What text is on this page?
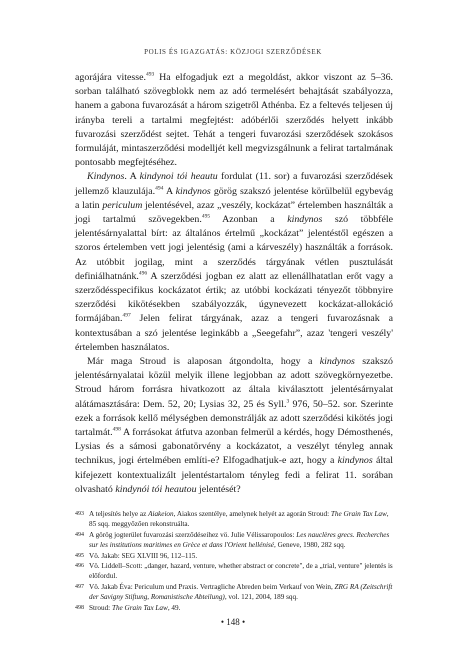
POLIS ÉS IGAZGATÁS: KÖZJOGI SZERZŐDÉSEK

agorájára vitesse.$^{493}$ Ha elfogadjuk ezt a megoldást, akkor viszont az 5–36. sorban található szövegblokk nem az adó termelésért behajtását szabályozza, hanem a gabona fuvarozását a három szigetről Athénba. Ez a feltevés teljesen új irányba tereli a tartalmi megfejtést: adóbérlői szerződés helyett inkább fuvarozási szerződést sejtet. Tehát a tengeri fuvarozási szerződések szokásos formuláját, mintaszerződési modelljét kell megvizsgálnunk a felirat tartalmának pontosabb megfejtéséhez.

Kindynos. A kindynoi tói heautu fordulat (11. sor) a fuvarozási szerződések jellemző klauzulája.$^{494}$ A kindynos görög szakszó jelentése körülbelül egybevág a latin periculum jelentésével, azaz „veszély, kockázat” értelemben használták a jogi tartalmú szövegekben.$^{495}$ Azonban a kindynos szó többféle jelentésárnyalattal bírt: az általános értelmű „kockázat” jelentéstől egészen a szoros értelemben vett jogi jelentésig (ami a kárveszély) használták a források. Az utóbbit jogilag, mint a szerződés tárgyának vétlen pusztulását definiálhatnánk.$^{496}$ A szerződési jogban ez alatt az ellenállhatatlan erőt vagy a szerződésspecifikus kockázatot értik; az utóbbi kockázati tényezőt többnyire szerződési kikötésekben szabályozzák, úgynevezett kockázat-allokáció formájában.$^{497}$ Jelen felirat tárgyának, azaz a tengeri fuvarozásnak a kontextusában a szó jelentése leginkább a „Seegefahr”, azaz 'tengeri veszély' értelemben használatos.

Már maga Stroud is alaposan átgondolta, hogy a kindynos szakszó jelentésárnyalatai közül melyik illene legjobban az adott szövegkörnyezetbe. Stroud három forrásra hivatkozott az általa kiválasztott jelentésárnyalat alátámasztására: Dem. 52, 20; Lysias 32, 25 és Syll.$^3$ 976, 50–52. sor. Szerinte ezek a források kellő mélységben demonstrálják az adott szerződési kikötés jogi tartalmát.$^{498}$ A forrásokat átfutva azonban felmerül a kérdés, hogy Démosthenés, Lysias és a sámosi gabonatörvény a kockázatot, a veszélyt tényleg annak technikus, jogi értelmében említi-e? Elfogadhatjuk-e azt, hogy a kindynos által kifejezett kontextualizált jelentéstartalom tényleg fedi a felirat 11. sorában olvasható kindynói tói heautou jelentését?

493 A teljesítés helye az Aiakeion, Aiakos szentélye, amelynek helyét az agorán Stroud: The Grain Tax Law, 85 sqq. meggyőzően rekonstruálta.
494 A görög jogterület fuvarozási szerződéseihez vö. Julie Vélissaropoulos: Les nauclères grecs. Recherches sur les institutions maritimes en Grèce et dans l'Orient hellénisé, Geneve, 1980, 282 sqq.
495 Vö. Jakab: SEG XLVIII 96, 112–115.
496 Vö. Liddell–Scott: „danger, hazard, venture, whether abstract or concrete", de a „trial, venture" jelentés is előfordul.
497 Vö. Jakab Éva: Periculum und Praxis. Vertragliche Abreden beim Verkauf von Wein, ZRG RA (Zeitschrift der Savigny Stiftung, Romanistische Abteilung), vol. 121, 2004, 189 sqq.
498 Stroud: The Grain Tax Law, 49.
• 148 •
